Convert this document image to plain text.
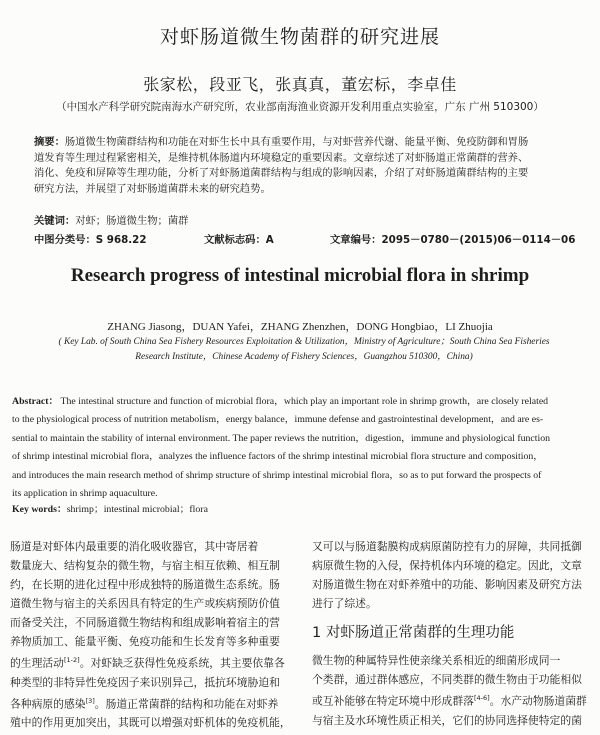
对虾肠道微生物菌群的研究进展
张家松，段亚飞，张真真，董宏标，李卓佳
（中国水产科学研究院南海水产研究所，农业部南海渔业资源开发利用重点实验室，广东 广州 510300）
摘要：肠道微生物菌群结构和功能在对虾生长中具有重要作用，与对虾营养代谢、能量平衡、免疫防御和胃肠
道发育等生理过程紧密相关，是维持机体肠道内环境稳定的重要因素。文章综述了对虾肠道正常菌群的营养、
消化、免疫和屏障等生理功能，分析了对虾肠道菌群结构与组成的影响因素，介绍了对虾肠道菌群结构的主要
研究方法，并展望了对虾肠道菌群未来的研究趋势。
关键词：对虾；肠道微生物；菌群
中图分类号：S 968.22	文献标志码：A	文章编号：2095－0780－(2015)06－0114－06
Research progress of intestinal microbial flora in shrimp
ZHANG Jiasong，DUAN Yafei，ZHANG Zhenzhen，DONG Hongbiao，LI Zhuojia
( Key Lab. of South China Sea Fishery Resources Exploitation & Utilization，Ministry of Agriculture；South China Sea Fisheries
Research Institute，Chinese Academy of Fishery Sciences，Guangzhou 510300，China)
Abstract： The intestinal structure and function of microbial flora，which play an important role in shrimp growth，are closely related
to the physiological process of nutrition metabolism，energy balance，immune defense and gastrointestinal development，and are es-
sential to maintain the stability of internal environment. The paper reviews the nutrition，digestion，immune and physiological function
of shrimp intestinal microbial flora，analyzes the influence factors of the shrimp intestinal microbial flora structure and composition，
and introduces the main research method of shrimp structure of shrimp intestinal microbial flora，so as to put forward the prospects of
its application in shrimp aquaculture.
Key words：shrimp；intestinal microbial；flora
肠道是对虾体内最重要的消化吸收器官，其中寄居着
数量庞大、结构复杂的微生物，与宿主相互依赖、相互制
约，在长期的进化过程中形成独特的肠道微生态系统。肠
道微生物与宿主的关系因具有特定的生产或疾病预防价值
而备受关注，不同肠道微生物结构和组成影响着宿主的营
养物质加工、能量平衡、免疫功能和生长发育等多种重要
的生理活动[1-2]。对虾缺乏获得性免疫系统，其主要依靠各
种类型的非特异性免疫因子来识别异己，抵抗环境胁迫和
各种病原的感染[3]。肠道正常菌群的结构和功能在对虾养
殖中的作用更加突出，其既可以增强对虾机体的免疫机能，
又可以与肠道黏膜构成病原菌防控有力的屏障，共同抵御
病原微生物的入侵，保持机体内环境的稳定。因此，文章
对肠道微生物在对虾养殖中的功能、影响因素及研究方法
进行了综述。
1 对虾肠道正常菌群的生理功能
微生物的种属特异性使亲缘关系相近的细菌形成同一
个类群，通过群体感应，不同类群的微生物由于功能相似
或互补能够在特定环境中形成群落[4-6]。水产动物肠道菌群
与宿主及水环境性质正相关，它们的协同选择使特定的菌
